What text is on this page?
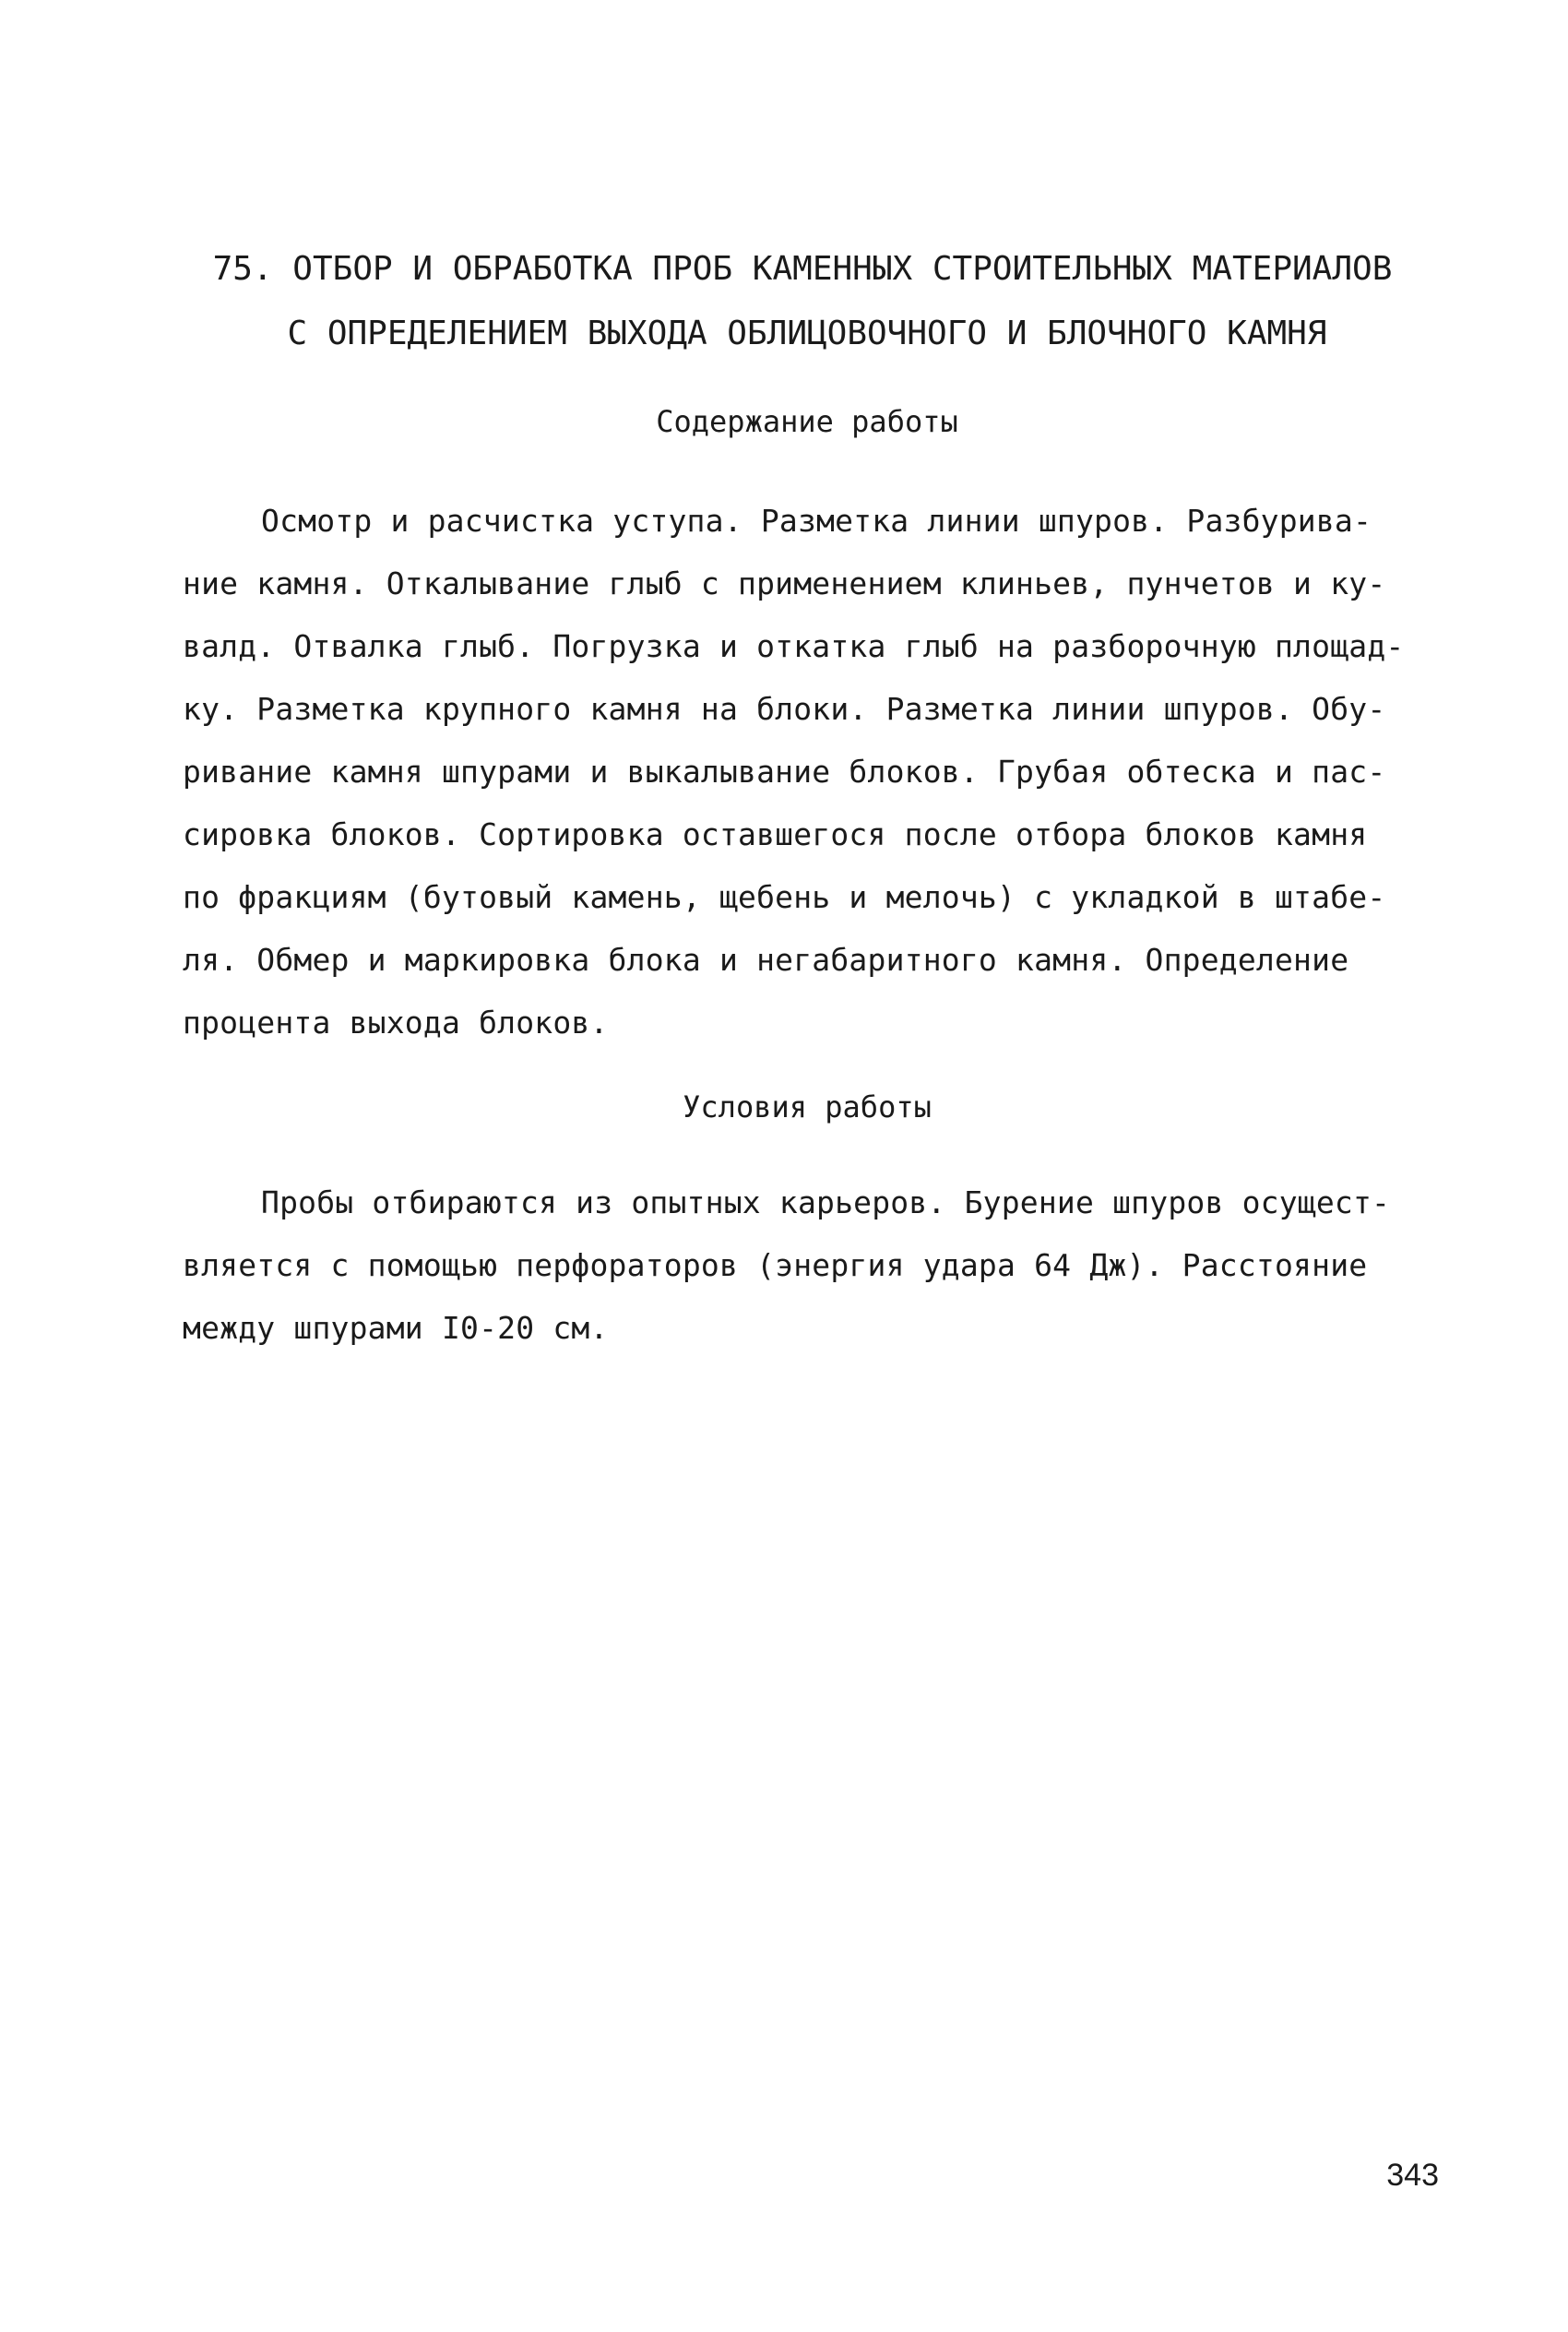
75. ОТБОР И ОБРАБОТКА ПРОБ КАМЕННЫХ СТРОИТЕЛЬНЫХ МАТЕРИАЛОВ
С ОПРЕДЕЛЕНИЕМ ВЫХОДА ОБЛИЦОВОЧНОГО И БЛОЧНОГО КАМНЯ
Содержание работы
Осмотр и расчистка уступа. Разметка линии шпуров. Разбурива-
ние камня. Откалывание глыб с применением клиньев, пунчетов и ку-
валд. Отвалка глыб. Погрузка и откатка глыб на разборочную площад-
ку. Разметка крупного камня на блоки. Разметка линии шпуров. Обу-
ривание камня шпурами и выкалывание блоков. Грубая обтеска и пас-
сировка блоков. Сортировка оставшегося после отбора блоков камня
по фракциям (бутовый камень, щебень и мелочь) с укладкой в штабе-
ля. Обмер и маркировка блока и негабаритного камня. Определение
процента выхода блоков.
Условия работы
Пробы отбираются из опытных карьеров. Бурение шпуров осущест-
вляется с помощью перфораторов (энергия удара 64 Дж). Расстояние
между шпурами I0-20 см.
343
